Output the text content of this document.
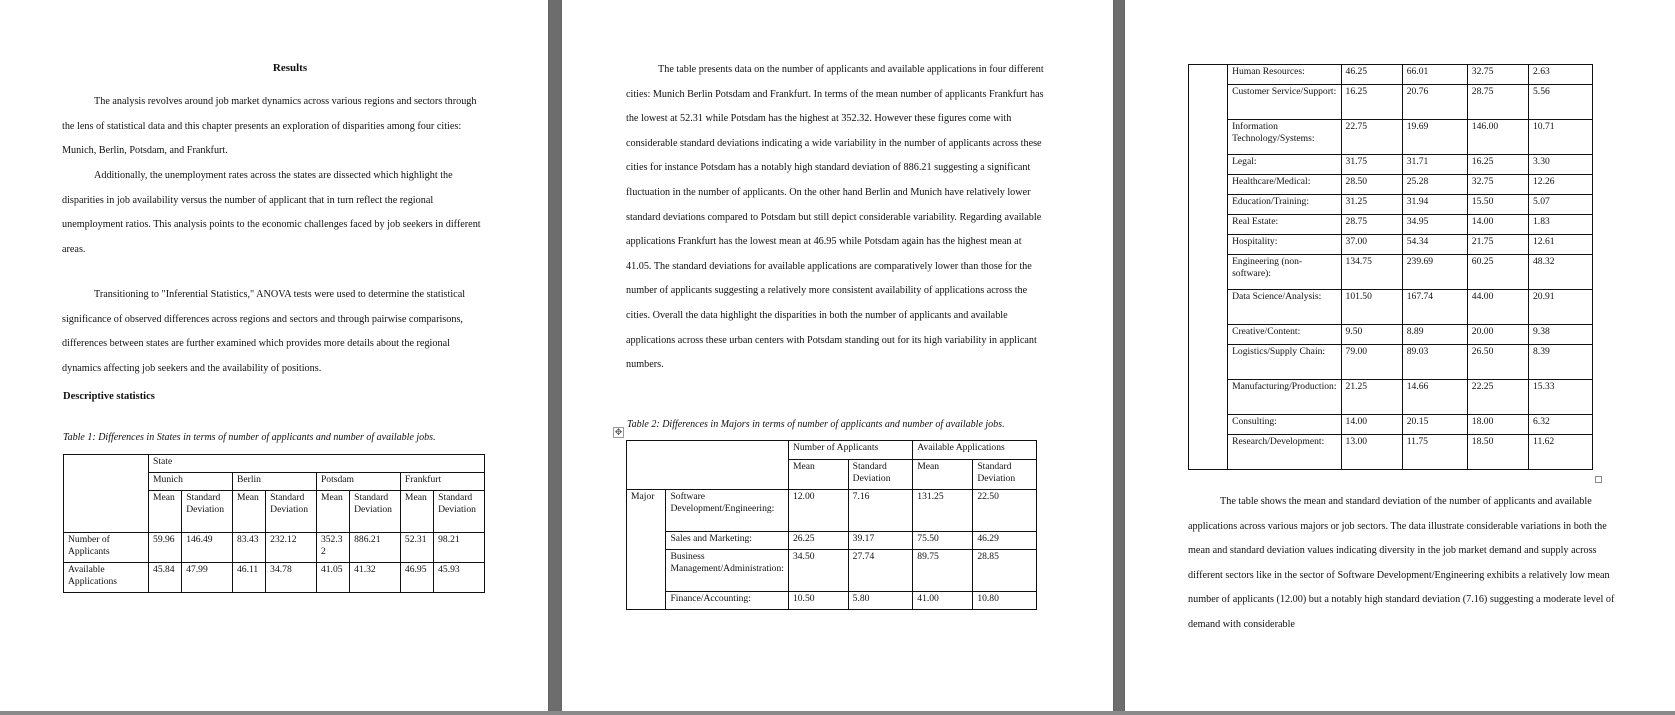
Results

The analysis revolves around job market dynamics across various regions and sectors through the lens of statistical data and this chapter presents an exploration of disparities among four cities: Munich, Berlin, Potsdam, and Frankfurt.

Additionally, the unemployment rates across the states are dissected which highlight the disparities in job availability versus the number of applicant that in turn reflect the regional unemployment ratios. This analysis points to the economic challenges faced by job seekers in different areas.

Transitioning to "Inferential Statistics," ANOVA tests were used to determine the statistical significance of observed differences across regions and sectors and through pairwise comparisons, differences between states are further examined which provides more details about the regional dynamics affecting job seekers and the availability of positions.

Descriptive statistics
Table 1: Differences in States in terms of number of applicants and number of available jobs.
	State							
	Munich		Berlin		Potsdam		Frankfurt	
	Mean	Standard Deviation	Mean	Standard Deviation	Mean	Standard Deviation	Mean	Standard Deviation
Number of Applicants	59.96	146.49	83.43	232.12	352.32	886.21	52.31	98.21
Available Applications	45.84	47.99	46.11	34.78	41.05	41.32	46.95	45.93

The table presents data on the number of applicants and available applications in four different cities: Munich Berlin Potsdam and Frankfurt. In terms of the mean number of applicants Frankfurt has the lowest at 52.31 while Potsdam has the highest at 352.32. However these figures come with considerable standard deviations indicating a wide variability in the number of applicants across these cities for instance Potsdam has a notably high standard deviation of 886.21 suggesting a significant fluctuation in the number of applicants. On the other hand Berlin and Munich have relatively lower standard deviations compared to Potsdam but still depict considerable variability. Regarding available applications Frankfurt has the lowest mean at 46.95 while Potsdam again has the highest mean at 41.05. The standard deviations for available applications are comparatively lower than those for the number of applicants suggesting a relatively more consistent availability of applications across the cities. Overall the data highlight the disparities in both the number of applicants and available applications across these urban centers with Potsdam standing out for its high variability in applicant numbers.

Table 2: Differences in Majors in terms of number of applicants and number of available jobs.
		Number of Applicants		Available Applications	
		Mean	Standard Deviation	Mean	Standard Deviation
Major	Software Development/Engineering:	12.00	7.16	131.25	22.50
	Sales and Marketing:	26.25	39.17	75.50	46.29
	Business Management/Administration:	34.50	27.74	89.75	28.85
	Finance/Accounting:	10.50	5.80	41.00	10.80
	Human Resources:	46.25	66.01	32.75	2.63
	Customer Service/Support:	16.25	20.76	28.75	5.56
	Information Technology/Systems:	22.75	19.69	146.00	10.71
	Legal:	31.75	31.71	16.25	3.30
	Healthcare/Medical:	28.50	25.28	32.75	12.26
	Education/Training:	31.25	31.94	15.50	5.07
	Real Estate:	28.75	34.95	14.00	1.83
	Hospitality:	37.00	54.34	21.75	12.61
	Engineering (non-software):	134.75	239.69	60.25	48.32
	Data Science/Analysis:	101.50	167.74	44.00	20.91
	Creative/Content:	9.50	8.89	20.00	9.38
	Logistics/Supply Chain:	79.00	89.03	26.50	8.39
	Manufacturing/Production:	21.25	14.66	22.25	15.33
	Consulting:	14.00	20.15	18.00	6.32
	Research/Development:	13.00	11.75	18.50	11.62

The table shows the mean and standard deviation of the number of applicants and available applications across various majors or job sectors. The data illustrate considerable variations in both the mean and standard deviation values indicating diversity in the job market demand and supply across different sectors like in the sector of Software Development/Engineering exhibits a relatively low mean number of applicants (12.00) but a notably high standard deviation (7.16) suggesting a moderate level of demand with considerable

✥
